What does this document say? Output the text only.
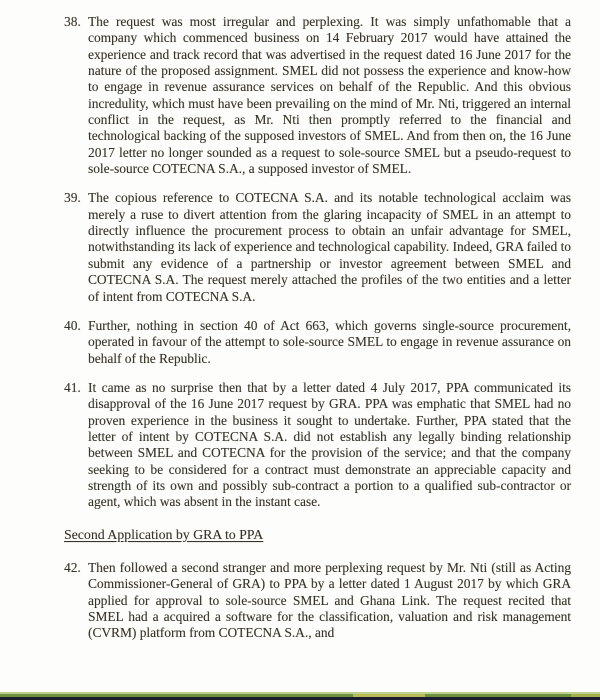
38. The request was most irregular and perplexing. It was simply unfathomable that a company which commenced business on 14 February 2017 would have attained the experience and track record that was advertised in the request dated 16 June 2017 for the nature of the proposed assignment. SMEL did not possess the experience and know-how to engage in revenue assurance services on behalf of the Republic. And this obvious incredulity, which must have been prevailing on the mind of Mr. Nti, triggered an internal conflict in the request, as Mr. Nti then promptly referred to the financial and technological backing of the supposed investors of SMEL. And from then on, the 16 June 2017 letter no longer sounded as a request to sole-source SMEL but a pseudo-request to sole-source COTECNA S.A., a supposed investor of SMEL.
39. The copious reference to COTECNA S.A. and its notable technological acclaim was merely a ruse to divert attention from the glaring incapacity of SMEL in an attempt to directly influence the procurement process to obtain an unfair advantage for SMEL, notwithstanding its lack of experience and technological capability. Indeed, GRA failed to submit any evidence of a partnership or investor agreement between SMEL and COTECNA S.A. The request merely attached the profiles of the two entities and a letter of intent from COTECNA S.A.
40. Further, nothing in section 40 of Act 663, which governs single-source procurement, operated in favour of the attempt to sole-source SMEL to engage in revenue assurance on behalf of the Republic.
41. It came as no surprise then that by a letter dated 4 July 2017, PPA communicated its disapproval of the 16 June 2017 request by GRA. PPA was emphatic that SMEL had no proven experience in the business it sought to undertake. Further, PPA stated that the letter of intent by COTECNA S.A. did not establish any legally binding relationship between SMEL and COTECNA for the provision of the service; and that the company seeking to be considered for a contract must demonstrate an appreciable capacity and strength of its own and possibly sub-contract a portion to a qualified sub-contractor or agent, which was absent in the instant case.
Second Application by GRA to PPA
42. Then followed a second stranger and more perplexing request by Mr. Nti (still as Acting Commissioner-General of GRA) to PPA by a letter dated 1 August 2017 by which GRA applied for approval to sole-source SMEL and Ghana Link. The request recited that SMEL had a acquired a software for the classification, valuation and risk management (CVRM) platform from COTECNA S.A., and
